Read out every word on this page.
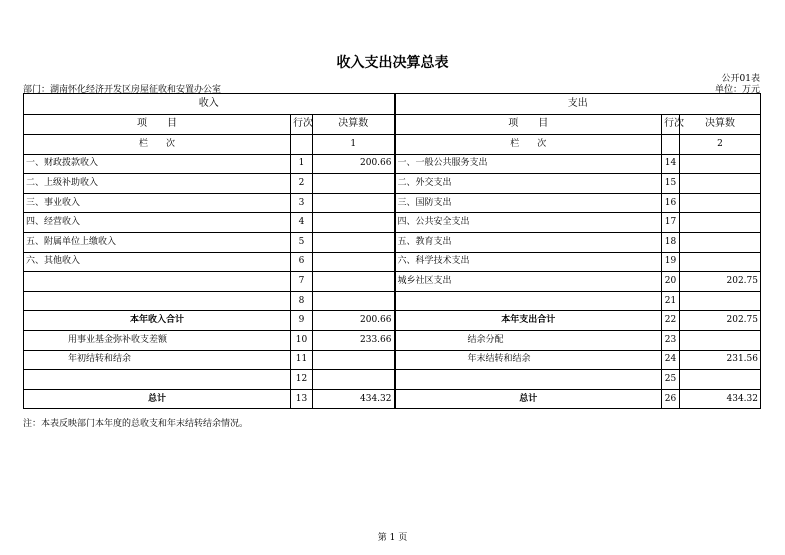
收入支出决算总表
公开01表
部门：湖南怀化经济开发区房屋征收和安置办公室	单位：万元
收入			支出		
项　　目	行次	决算数	项　　目	行次	决算数
栏　　次		1	栏　　次		2
一、财政拨款收入	1	200.66	一、一般公共服务支出	14	
二、上级补助收入	2		二、外交支出	15	
三、事业收入	3		三、国防支出	16	
四、经营收入	4		四、公共安全支出	17	
五、附属单位上缴收入	5		五、教育支出	18	
六、其他收入	6		六、科学技术支出	19	
	7		城乡社区支出	20	202.75
	8			21	
本年收入合计	9	200.66	本年支出合计	22	202.75
用事业基金弥补收支差额	10	233.66	结余分配	23	
年初结转和结余	11		年末结转和结余	24	231.56
	12			25	
总计	13	434.32	总计	26	434.32
注：本表反映部门本年度的总收支和年末结转结余情况。
第 1 页
